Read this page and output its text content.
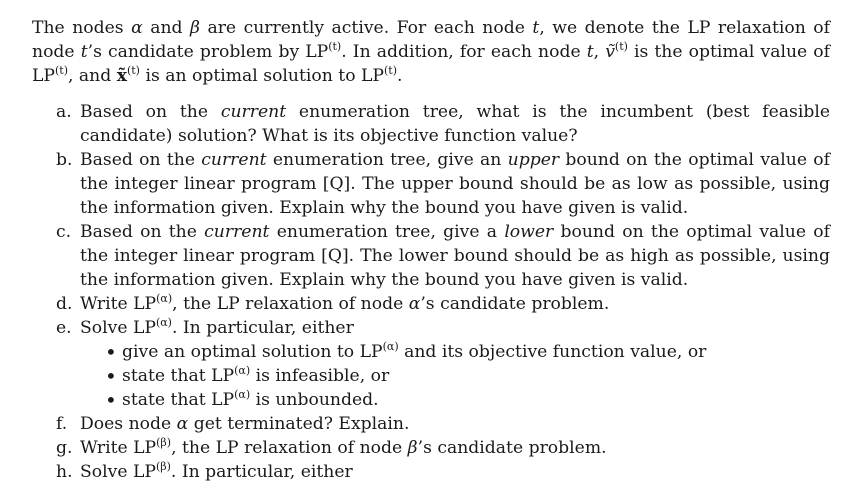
The nodes α and β are currently active. For each node t, we denote the LP relaxation of node t’s candidate problem by LP$^{(t)}$. In addition, for each node t, ṽ$^{(t)}$ is the optimal value of LP$^{(t)}$, and x̃$^{(t)}$ is an optimal solution to LP$^{(t)}$.

a. Based on the current enumeration tree, what is the incumbent (best feasible candidate) solution? What is its objective function value?
b. Based on the current enumeration tree, give an upper bound on the optimal value of the integer linear program [Q]. The upper bound should be as low as possible, using the information given. Explain why the bound you have given is valid.
c. Based on the current enumeration tree, give a lower bound on the optimal value of the integer linear program [Q]. The lower bound should be as high as possible, using the information given. Explain why the bound you have given is valid.
d. Write $LP^{(\alpha)}$, the LP relaxation of node α’s candidate problem.
e. Solve $LP^{(\alpha)}$. In particular, either
• give an optimal solution to $LP^{(\alpha)}$ and its objective function value, or
• state that $LP^{(\alpha)}$ is infeasible, or
• state that $LP^{(\alpha)}$ is unbounded.
f. Does node α get terminated? Explain.
g. Write $LP^{(\beta)}$, the LP relaxation of node β’s candidate problem.
h. Solve $LP^{(\beta)}$. In particular, either
